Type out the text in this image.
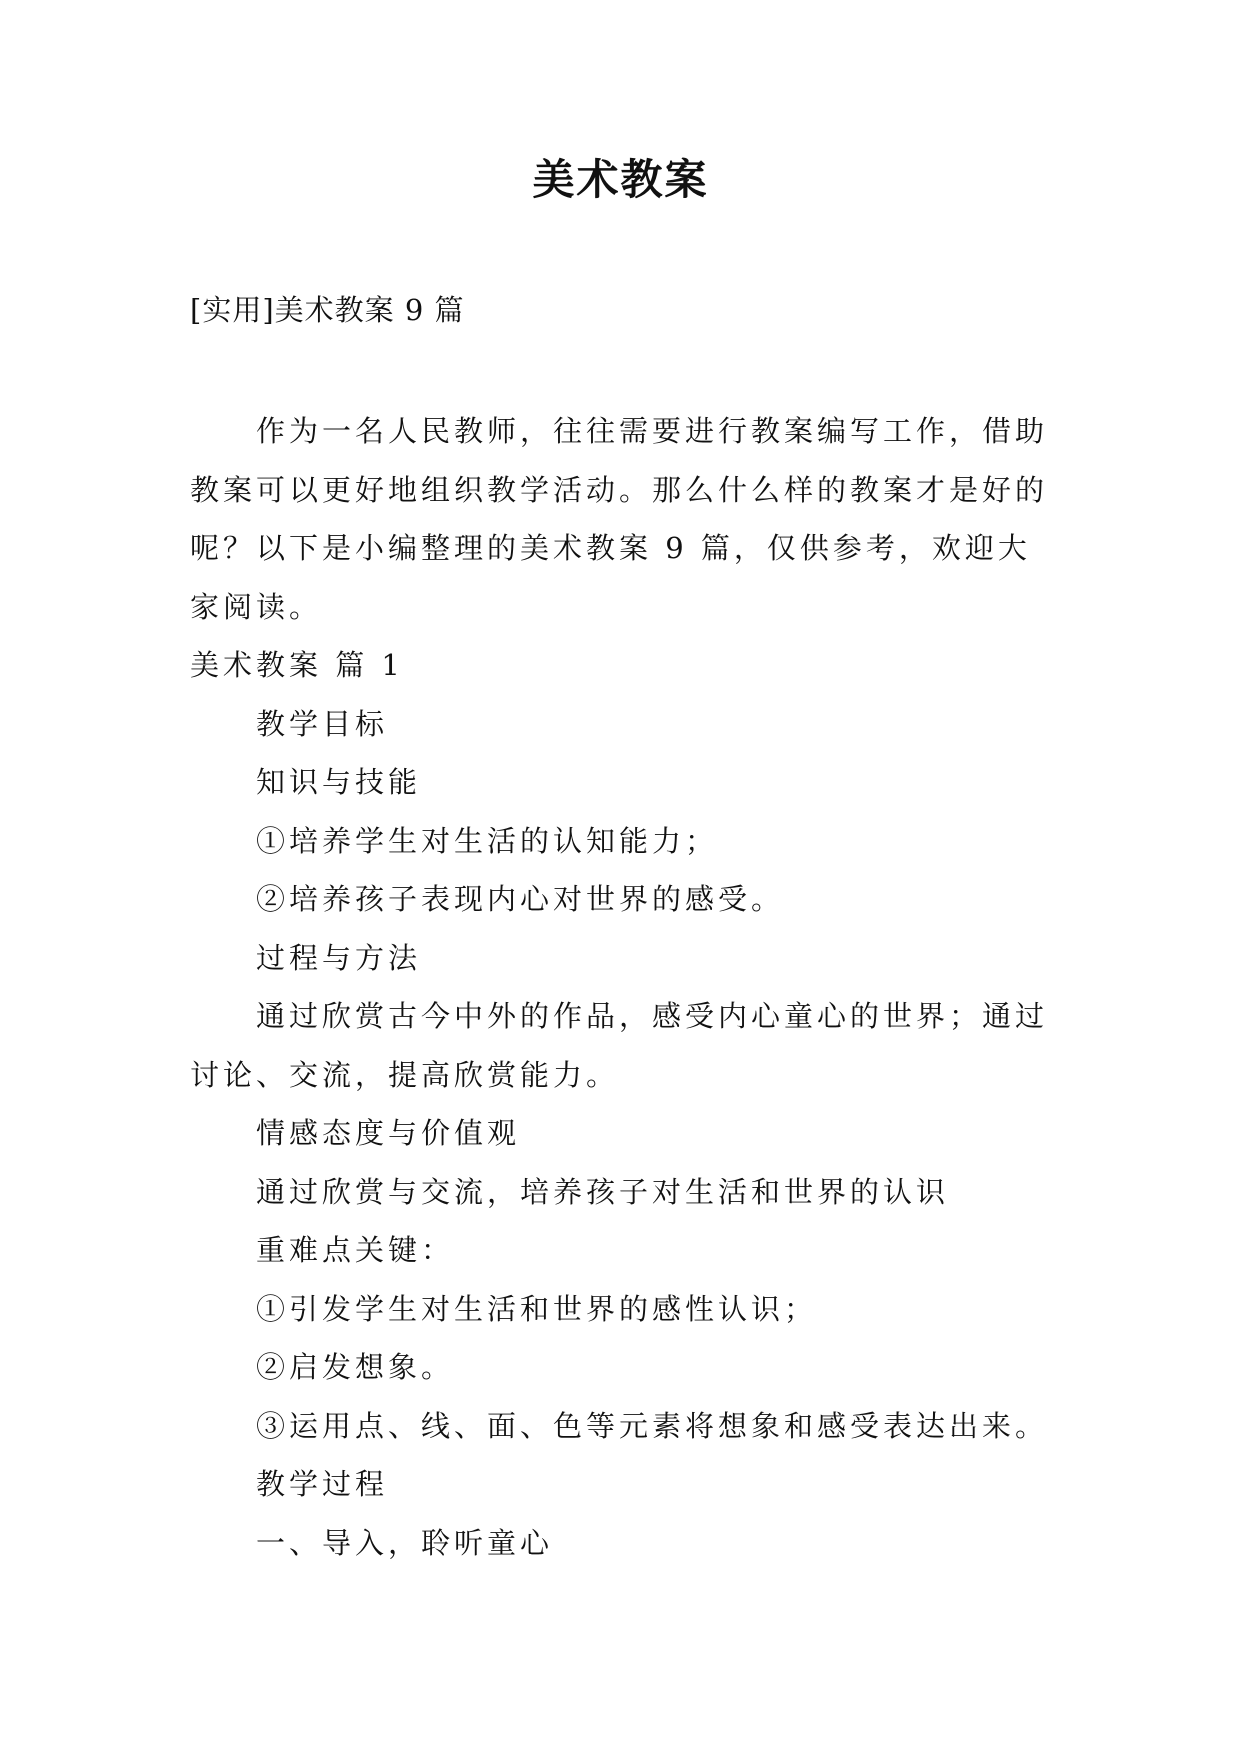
美术教案
[实用]美术教案 9 篇

作为一名人民教师，往往需要进行教案编写工作，借助教案可以更好地组织教学活动。那么什么样的教案才是好的呢？以下是小编整理的美术教案 9 篇，仅供参考，欢迎大家阅读。

美术教案 篇 1

教学目标

知识与技能

①培养学生对生活的认知能力；

②培养孩子表现内心对世界的感受。

过程与方法

通过欣赏古今中外的作品，感受内心童心的世界；通过讨论、交流，提高欣赏能力。

情感态度与价值观

通过欣赏与交流，培养孩子对生活和世界的认识

重难点关键：

①引发学生对生活和世界的感性认识；

②启发想象。

③运用点、线、面、色等元素将想象和感受表达出来。

教学过程

一、导入，聆听童心
